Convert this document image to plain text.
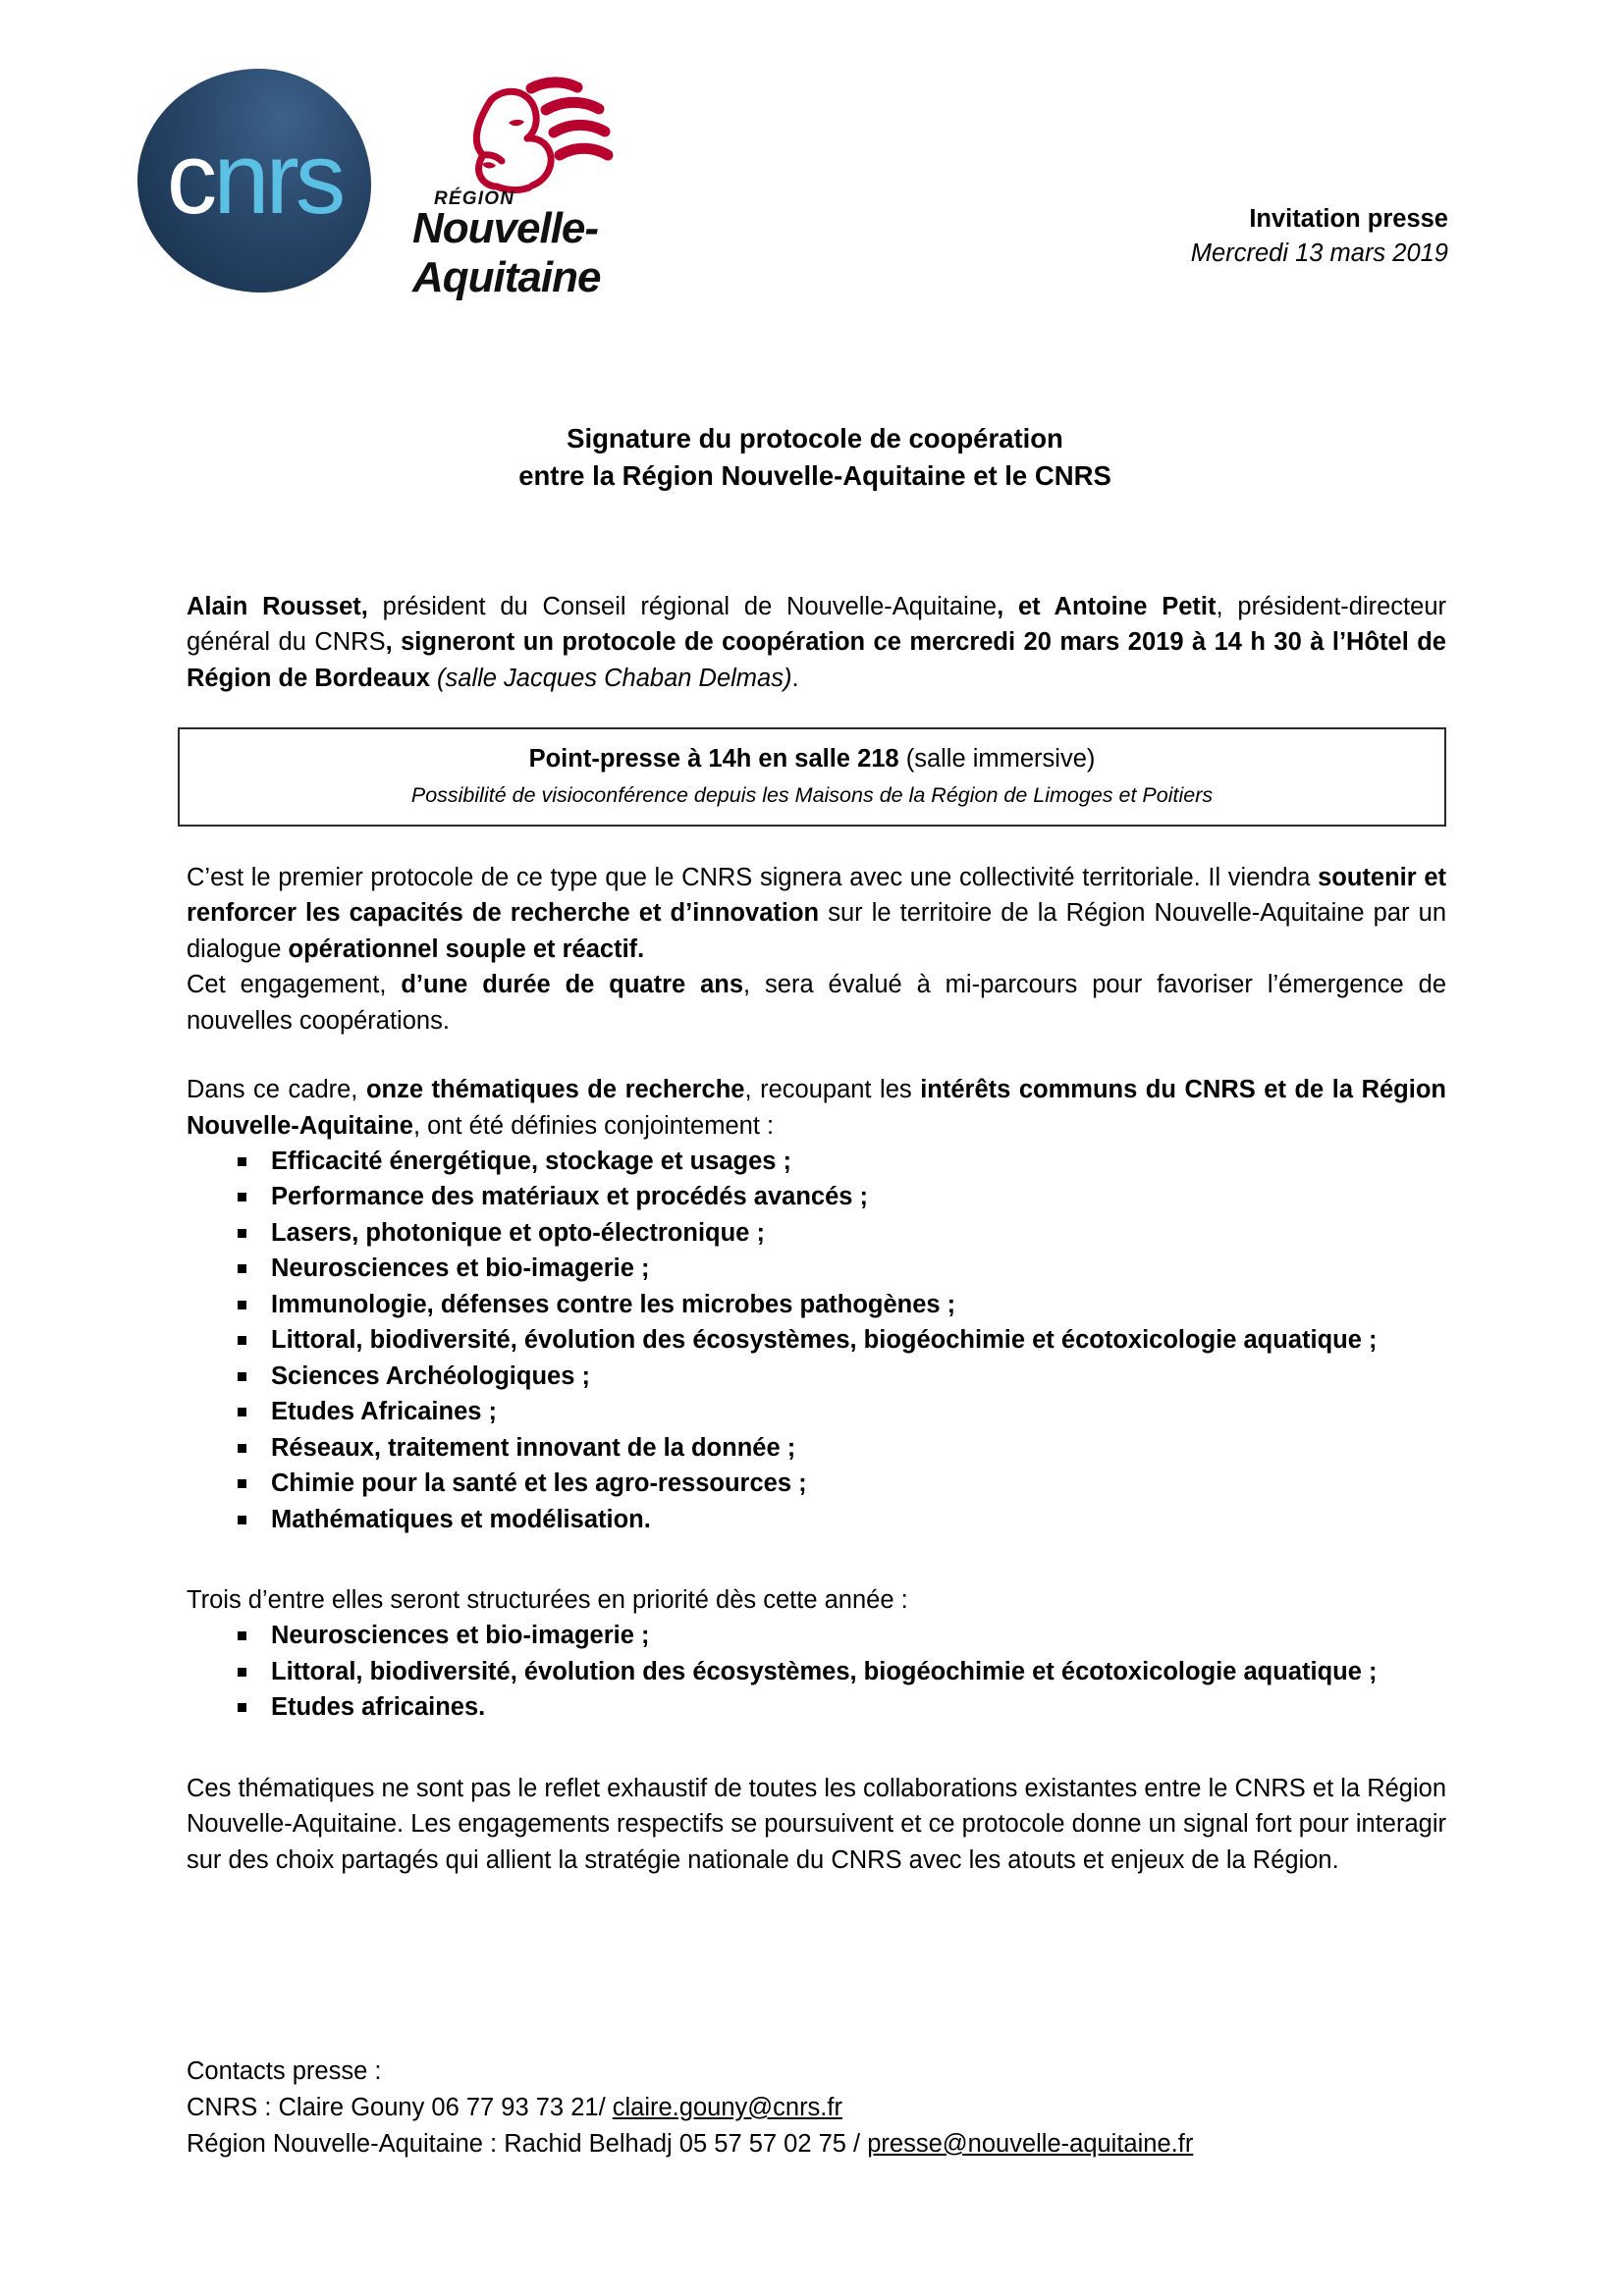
cnrs	RÉGION
Nouvelle-
Aquitaine
Invitation presse
Mercredi 13 mars 2019
Signature du protocole de coopération
entre la Région Nouvelle-Aquitaine et le CNRS

Alain Rousset, président du Conseil régional de Nouvelle-Aquitaine, et Antoine Petit, président-directeur général du CNRS, signeront un protocole de coopération ce mercredi 20 mars 2019 à 14 h 30 à l’Hôtel de Région de Bordeaux (salle Jacques Chaban Delmas).

Point-presse à 14h en salle 218 (salle immersive)
Possibilité de visioconférence depuis les Maisons de la Région de Limoges et Poitiers

C’est le premier protocole de ce type que le CNRS signera avec une collectivité territoriale. Il viendra soutenir et renforcer les capacités de recherche et d’innovation sur le territoire de la Région Nouvelle-Aquitaine par un dialogue opérationnel souple et réactif.

Cet engagement, d’une durée de quatre ans, sera évalué à mi-parcours pour favoriser l’émergence de nouvelles coopérations.

Dans ce cadre, onze thématiques de recherche, recoupant les intérêts communs du CNRS et de la Région Nouvelle-Aquitaine, ont été définies conjointement :

Efficacité énergétique, stockage et usages ;
Performance des matériaux et procédés avancés ;
Lasers, photonique et opto-électronique ;
Neurosciences et bio-imagerie ;
Immunologie, défenses contre les microbes pathogènes ;
Littoral, biodiversité, évolution des écosystèmes, biogéochimie et écotoxicologie aquatique ;
Sciences Archéologiques ;
Etudes Africaines ;
Réseaux, traitement innovant de la donnée ;
Chimie pour la santé et les agro-ressources ;
Mathématiques et modélisation.

Trois d’entre elles seront structurées en priorité dès cette année :

Neurosciences et bio-imagerie ;
Littoral, biodiversité, évolution des écosystèmes, biogéochimie et écotoxicologie aquatique ;
Etudes africaines.

Ces thématiques ne sont pas le reflet exhaustif de toutes les collaborations existantes entre le CNRS et la Région Nouvelle-Aquitaine. Les engagements respectifs se poursuivent et ce protocole donne un signal fort pour interagir sur des choix partagés qui allient la stratégie nationale du CNRS avec les atouts et enjeux de la Région.

Contacts presse :
CNRS : Claire Gouny 06 77 93 73 21/ claire.gouny@cnrs.fr
Région Nouvelle-Aquitaine : Rachid Belhadj 05 57 57 02 75 / presse@nouvelle-aquitaine.fr
